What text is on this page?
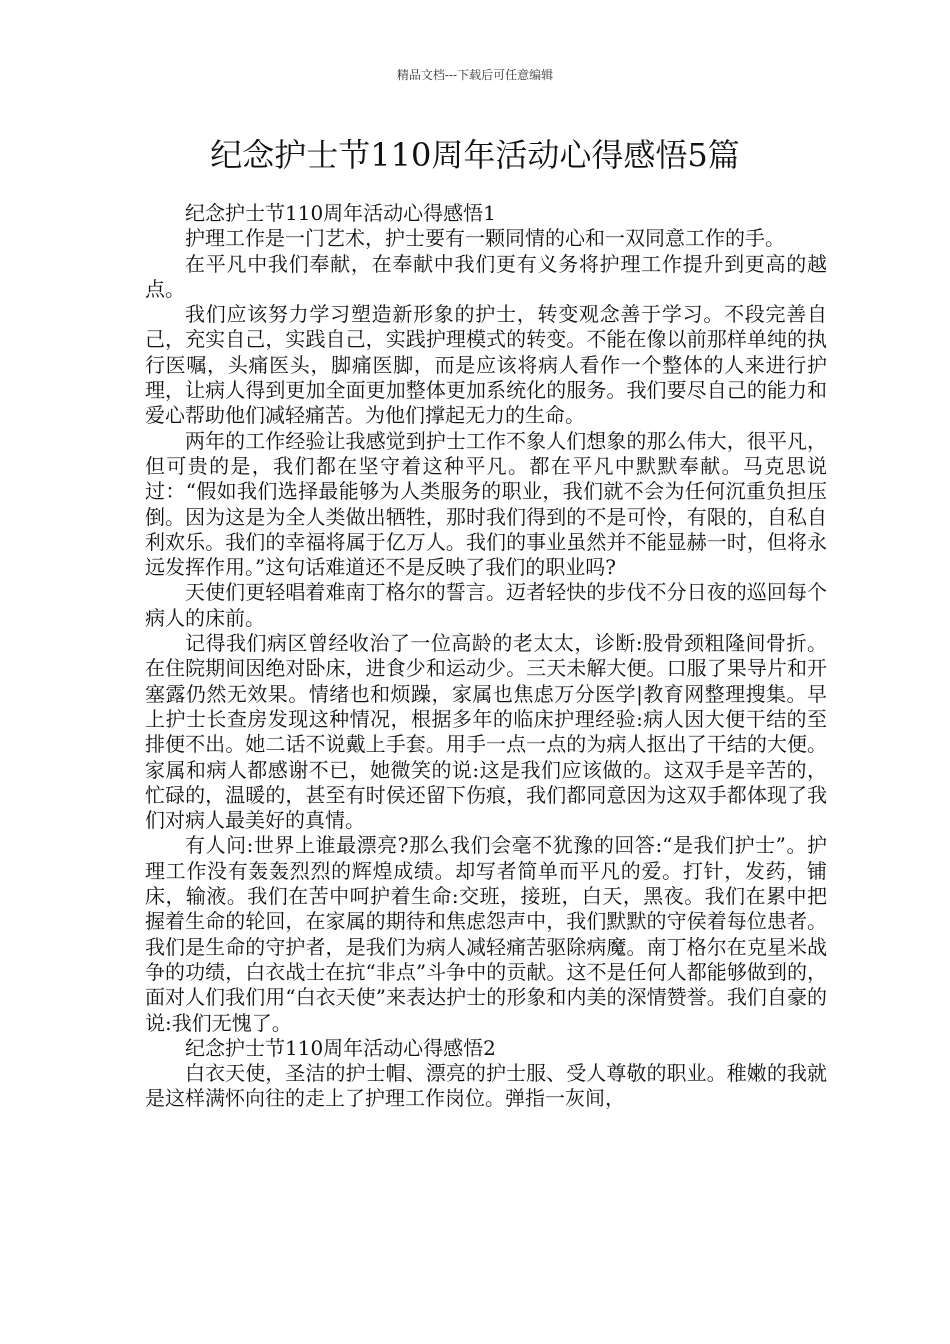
精品文档---下载后可任意编辑
纪念护士节110周年活动心得感悟5篇

纪念护士节110周年活动心得感悟1

护理工作是一门艺术，护士要有一颗同情的心和一双同意工作的手。

在平凡中我们奉献，在奉献中我们更有义务将护理工作提升到更高的越点。

我们应该努力学习塑造新形象的护士，转变观念善于学习。不段完善自己，充实自己，实践自己，实践护理模式的转变。不能在像以前那样单纯的执行医嘱，头痛医头，脚痛医脚，而是应该将病人看作一个整体的人来进行护理，让病人得到更加全面更加整体更加系统化的服务。我们要尽自己的能力和爱心帮助他们减轻痛苦。为他们撑起无力的生命。

两年的工作经验让我感觉到护士工作不象人们想象的那么伟大，很平凡，但可贵的是，我们都在坚守着这种平凡。都在平凡中默默奉献。马克思说过：“假如我们选择最能够为人类服务的职业，我们就不会为任何沉重负担压倒。因为这是为全人类做出牺牲，那时我们得到的不是可怜，有限的，自私自利欢乐。我们的幸福将属于亿万人。我们的事业虽然并不能显赫一时，但将永远发挥作用。”这句话难道还不是反映了我们的职业吗?

天使们更轻唱着难南丁格尔的誓言。迈者轻快的步伐不分日夜的巡回每个病人的床前。

记得我们病区曾经收治了一位高龄的老太太，诊断:股骨颈粗隆间骨折。在住院期间因绝对卧床，进食少和运动少。三天未解大便。口服了果导片和开塞露仍然无效果。情绪也和烦躁，家属也焦虑万分医学|教育网整理搜集。早上护士长查房发现这种情况，根据多年的临床护理经验:病人因大便干结的至排便不出。她二话不说戴上手套。用手一点一点的为病人抠出了干结的大便。家属和病人都感谢不已，她微笑的说:这是我们应该做的。这双手是辛苦的，忙碌的，温暖的，甚至有时侯还留下伤痕，我们都同意因为这双手都体现了我们对病人最美好的真情。

有人问:世界上谁最漂亮?那么我们会毫不犹豫的回答:“是我们护士”。护理工作没有轰轰烈烈的辉煌成绩。却写者简单而平凡的爱。打针，发药，铺床，输液。我们在苦中呵护着生命:交班，接班，白天，黑夜。我们在累中把握着生命的轮回，在家属的期待和焦虑怨声中，我们默默的守侯着每位患者。我们是生命的守护者，是我们为病人减轻痛苦驱除病魔。南丁格尔在克星米战争的功绩，白衣战士在抗“非点”斗争中的贡献。这不是任何人都能够做到的，面对人们我们用“白衣天使”来表达护士的形象和内美的深情赞誉。我们自豪的说:我们无愧了。

纪念护士节110周年活动心得感悟2

白衣天使，圣洁的护士帽、漂亮的护士服、受人尊敬的职业。稚嫩的我就是这样满怀向往的走上了护理工作岗位。弹指一灰间，
